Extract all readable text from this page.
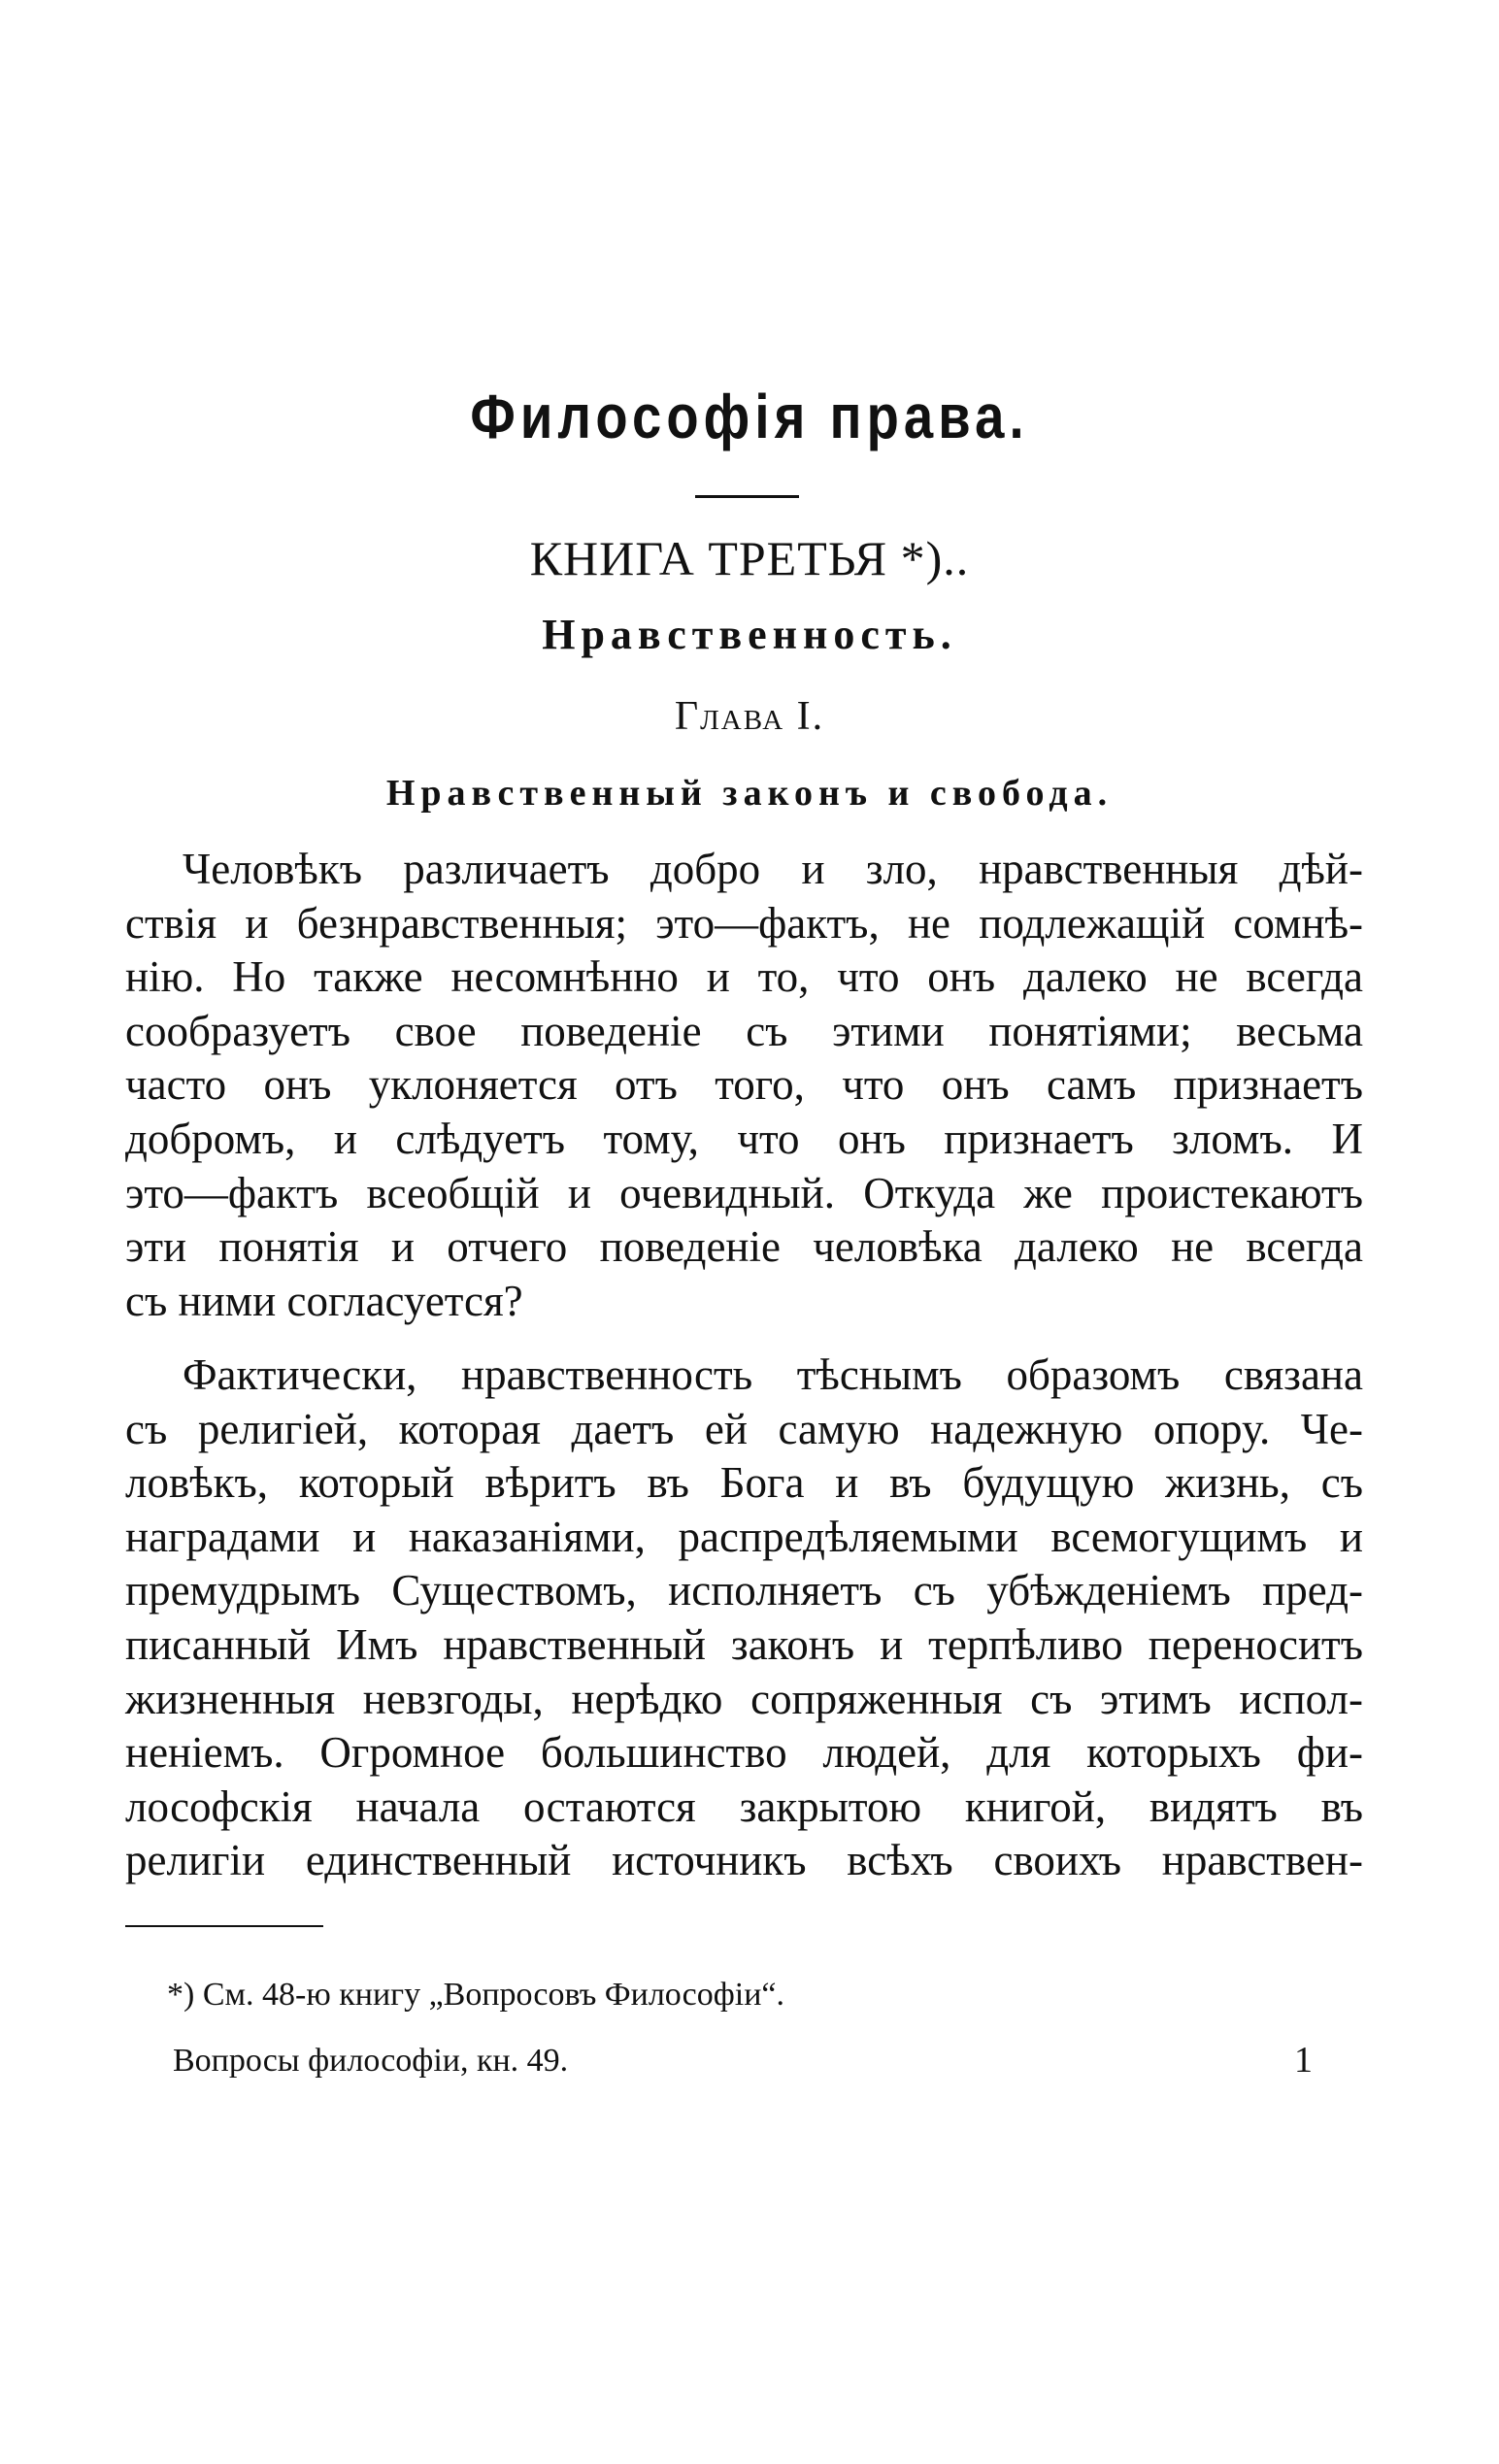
Философія права.
КНИГА ТРЕТЬЯ *)..
Нравственность.
Глава I.
Нравственный законъ и свобода.
Человѣкъ различаетъ добро и зло, нравственныя дѣй-
ствія и безнравственныя; это—фактъ, не подлежащій сомнѣ-
нію. Но также несомнѣнно и то, что онъ далеко не всегда
сообразуетъ свое поведеніе съ этими понятіями; весьма
часто онъ уклоняется отъ того, что онъ самъ признаетъ
добромъ, и слѣдуетъ тому, что онъ признаетъ зломъ. И
это—фактъ всеобщій и очевидный. Откуда же проистекаютъ
эти понятія и отчего поведеніе человѣка далеко не всегда
съ ними согласуется?
Фактически, нравственность тѣснымъ образомъ связана
съ религіей, которая даетъ ей самую надежную опору. Че-
ловѣкъ, который вѣритъ въ Бога и въ будущую жизнь, съ
наградами и наказаніями, распредѣляемыми всемогущимъ и
премудрымъ Существомъ, исполняетъ съ убѣжденіемъ пред-
писанный Имъ нравственный законъ и терпѣливо переноситъ
жизненныя невзгоды, нерѣдко сопряженныя съ этимъ испол-
неніемъ. Огромное большинство людей, для которыхъ фи-
лософскія начала остаются закрытою книгой, видятъ въ
религіи единственный источникъ всѣхъ своихъ нравствен-
*) См. 48-ю книгу „Вопросовъ Философіи“.
Вопросы философіи, кн. 49.	1
